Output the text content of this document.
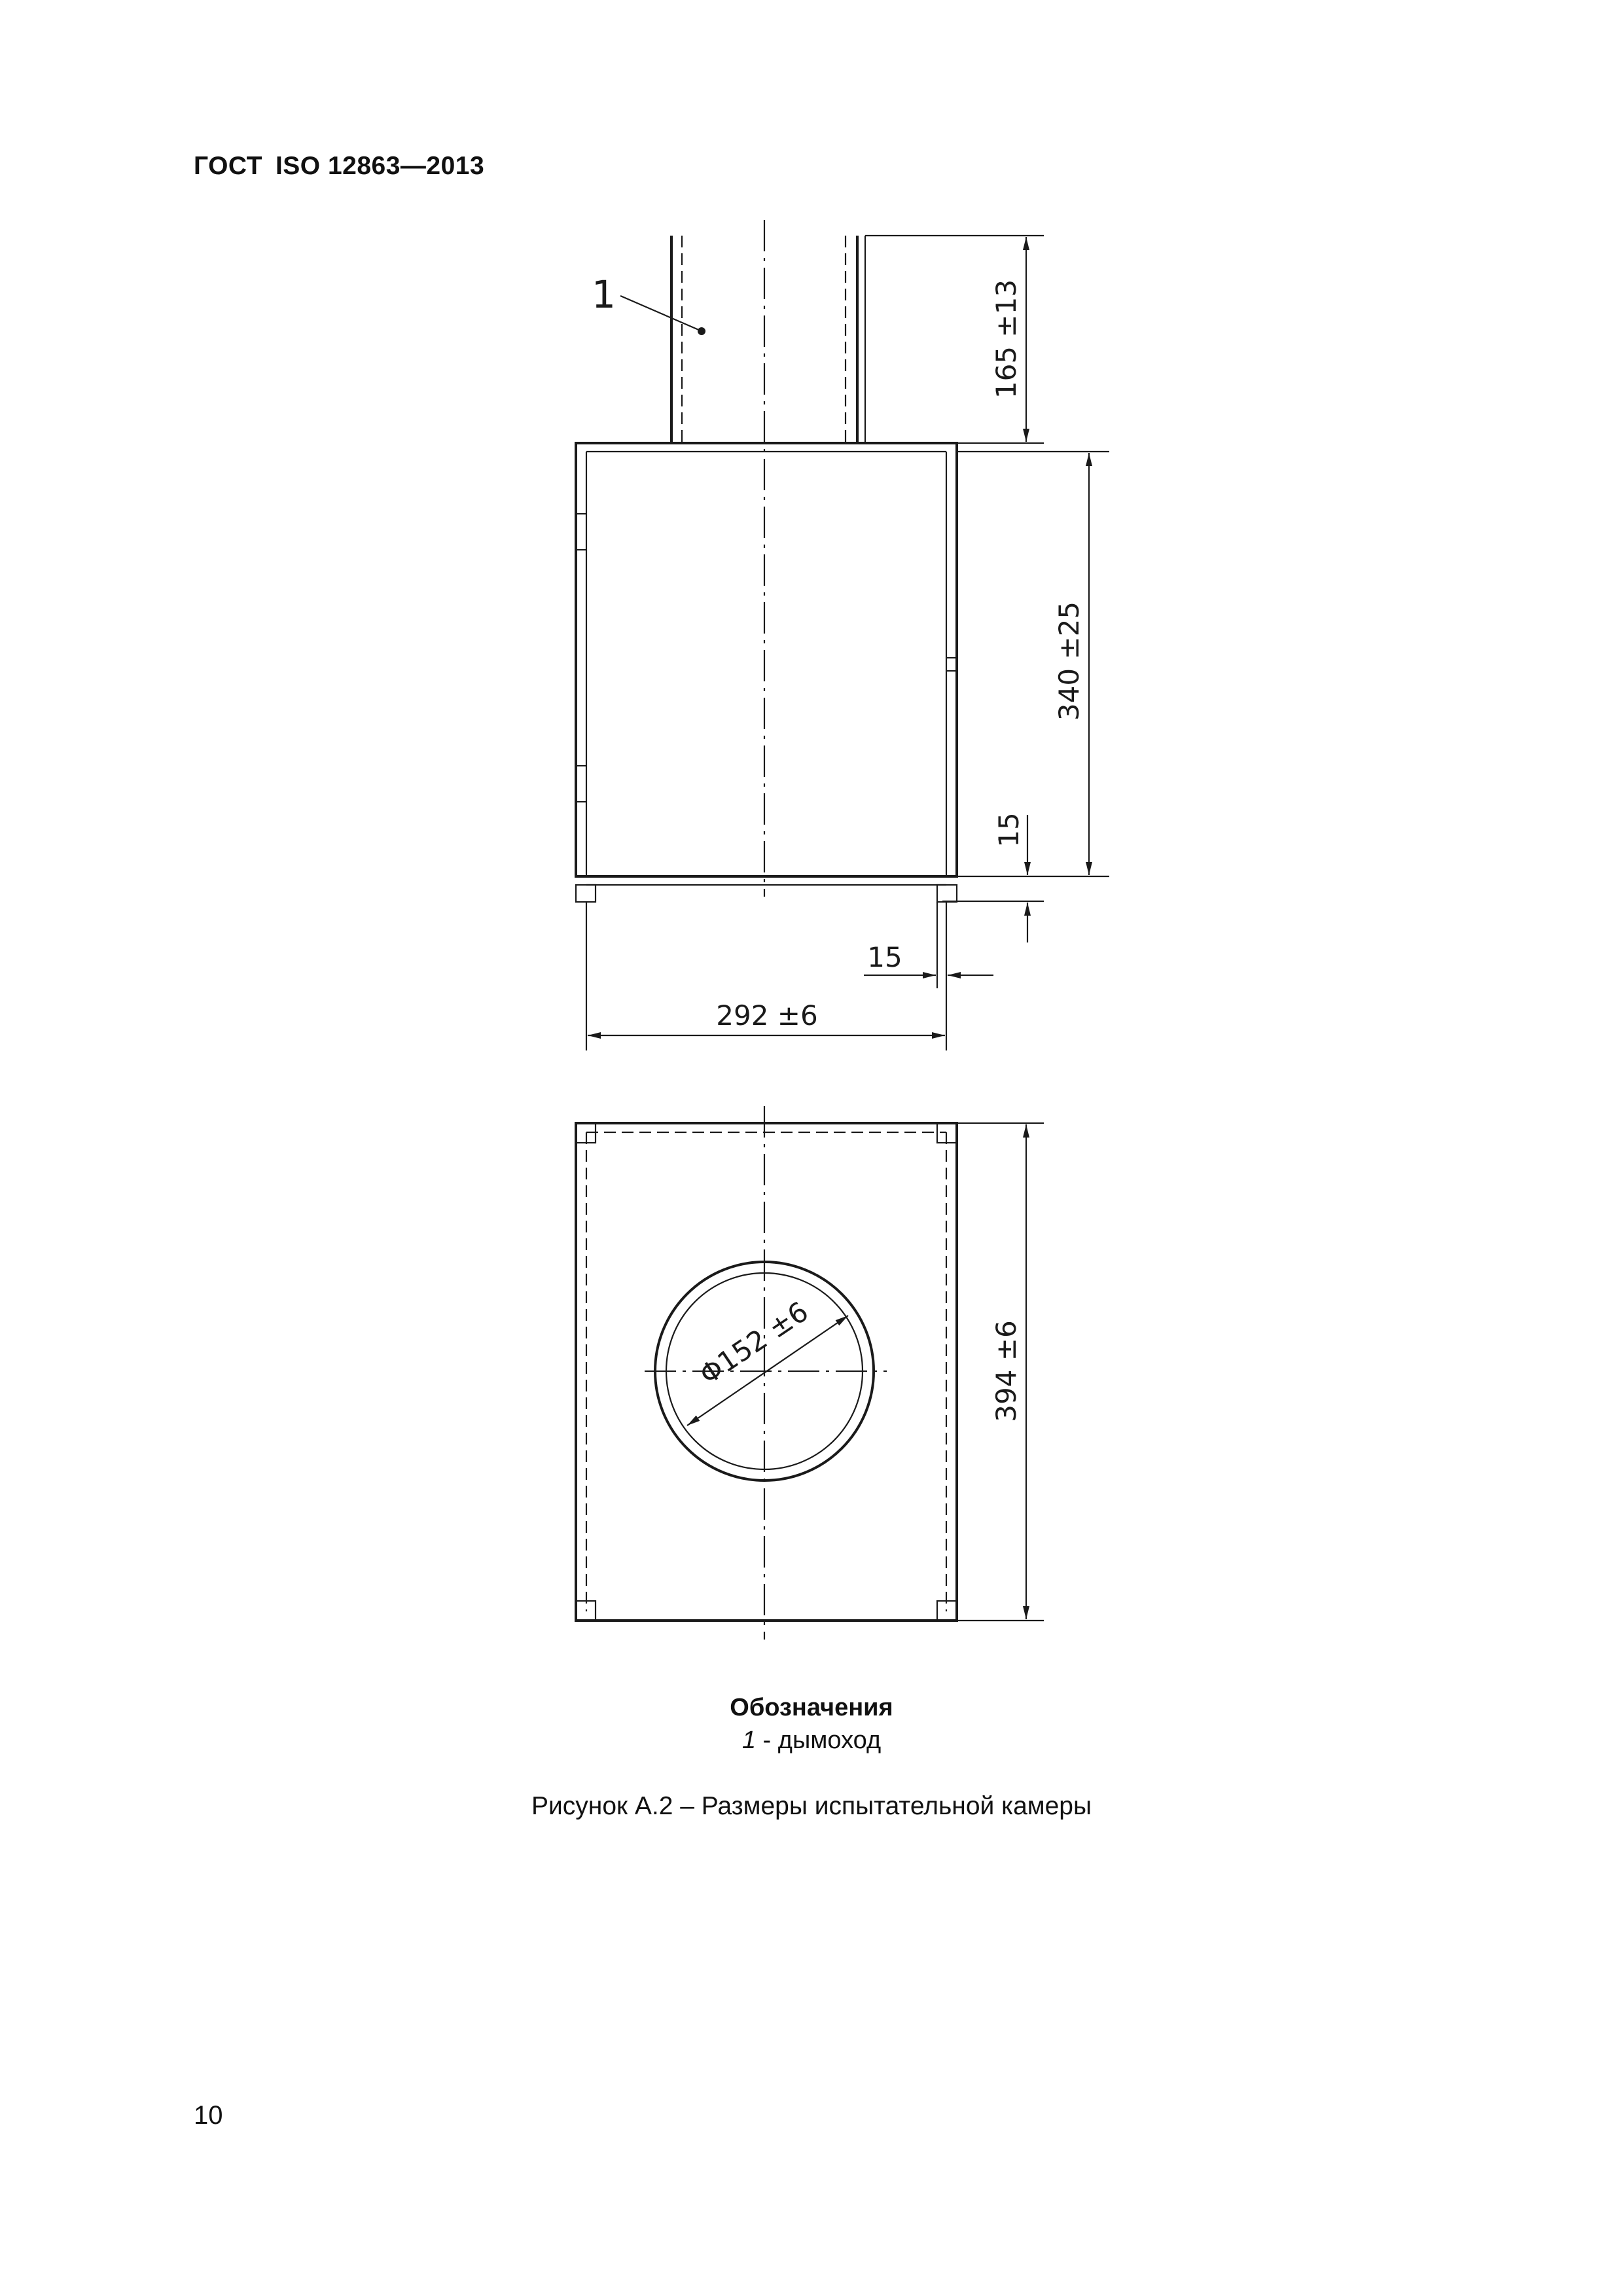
ГОСТ ISO 12863—2013
1	165 ±13
340 ±25
15
15
292 ±6
Φ152 ±6	394 ±6
Обозначения
1 - дымоход
Рисунок А.2 – Размеры испытательной камеры
10
